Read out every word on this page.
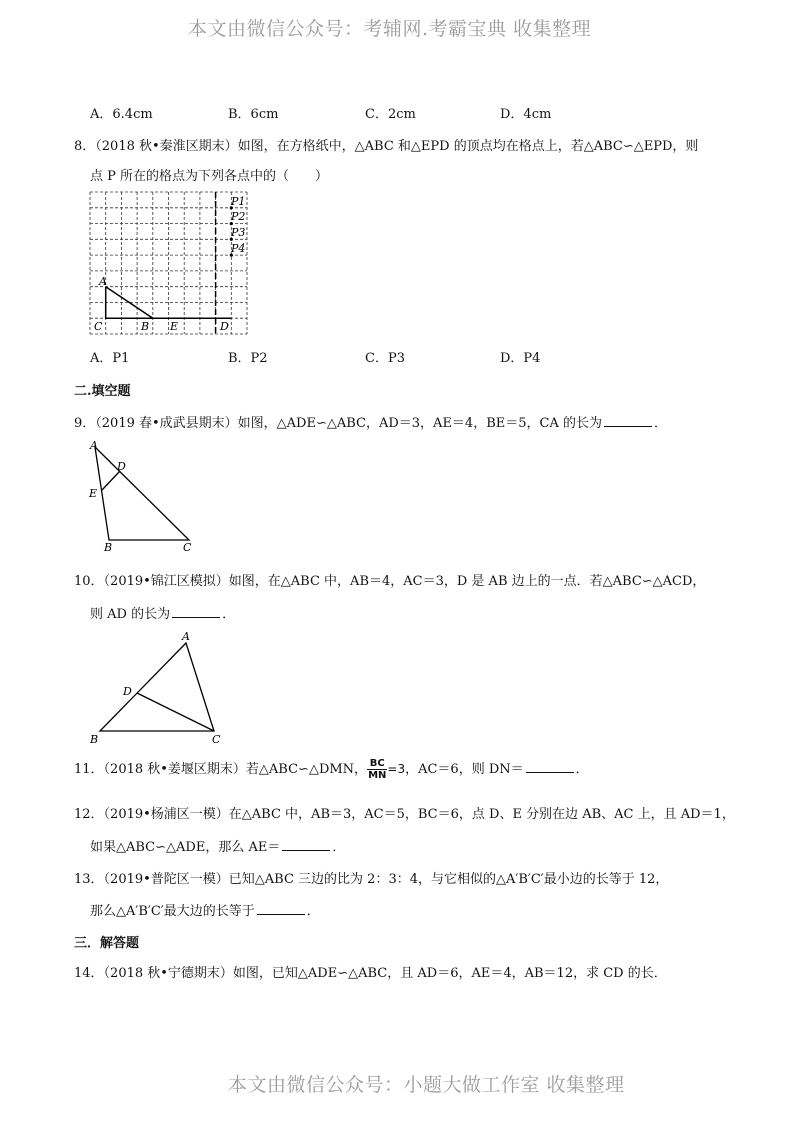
本文由微信公众号：考辅网.考霸宝典 收集整理
A．6.4cm	B．6cm	C．2cm	D．4cm
8．（2018 秋•秦淮区期末）如图，在方格纸中，△ABC 和△EPD 的顶点均在格点上，若△ABC∽△EPD，则
点 P 所在的格点为下列各点中的（　　）
A
C	B E	D
P1
P2
P3
P4
A．P1	B．P2	C．P3	D．P4
二.填空题
9．（2019 春•成武县期末）如图，△ADE∽△ABC，AD＝3，AE＝4，BE＝5，CA 的长为	．
A
D
E
B	C
10．（2019•锦江区模拟）如图，在△ABC 中，AB＝4，AC＝3，D 是 AB 边上的一点．若△ABC∽△ACD，
则 AD 的长为	．
A
D
B	C
11．（2018 秋•姜堰区期末）若△ABC∽△DMN， $\frac{BC}{MN} =3$，AC＝6，则 DN＝	．
12．（2019•杨浦区一模）在△ABC 中，AB＝3，AC＝5，BC＝6，点 D、E 分别在边 AB、AC 上，且 AD＝1，
如果△ABC∽△ADE，那么 AE＝	．
13．（2019•普陀区一模）已知△ABC 三边的比为 2：3：4，与它相似的△A′B′C′最小边的长等于 12，
那么△A′B′C′最大边的长等于	．
三．解答题
14．（2018 秋•宁德期末）如图，已知△ADE∽△ABC，且 AD＝6，AE＝4，AB＝12，求 CD 的长．
本文由微信公众号：小题大做工作室 收集整理
